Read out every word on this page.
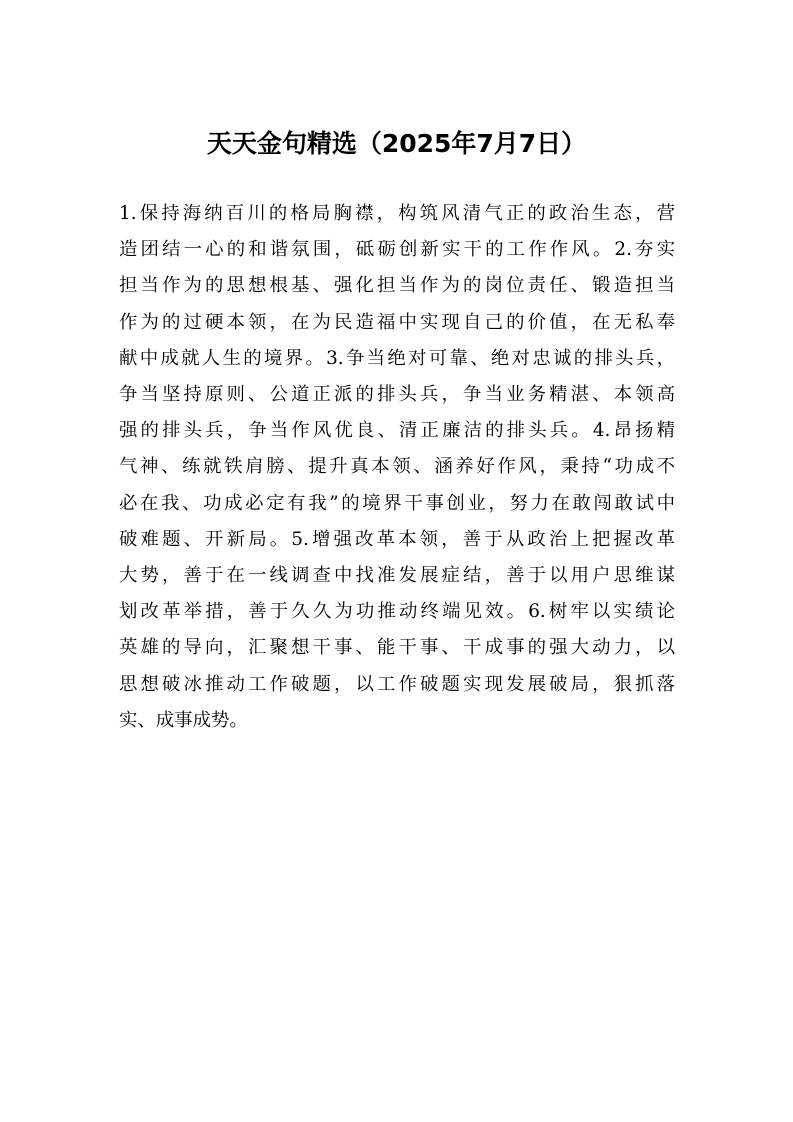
天天金句精选（2025年7月7日）
1.保持海纳百川的格局胸襟，构筑风清气正的政治生态，营
造团结一心的和谐氛围，砥砺创新实干的工作作风。2.夯实
担当作为的思想根基、强化担当作为的岗位责任、锻造担当
作为的过硬本领，在为民造福中实现自己的价值，在无私奉
献中成就人生的境界。3.争当绝对可靠、绝对忠诚的排头兵，
争当坚持原则、公道正派的排头兵，争当业务精湛、本领高
强的排头兵，争当作风优良、清正廉洁的排头兵。4.昂扬精
气神、练就铁肩膀、提升真本领、涵养好作风，秉持“功成不
必在我、功成必定有我”的境界干事创业，努力在敢闯敢试中
破难题、开新局。5.增强改革本领，善于从政治上把握改革
大势，善于在一线调查中找准发展症结，善于以用户思维谋
划改革举措，善于久久为功推动终端见效。6.树牢以实绩论
英雄的导向，汇聚想干事、能干事、干成事的强大动力，以
思想破冰推动工作破题，以工作破题实现发展破局，狠抓落
实、成事成势。
